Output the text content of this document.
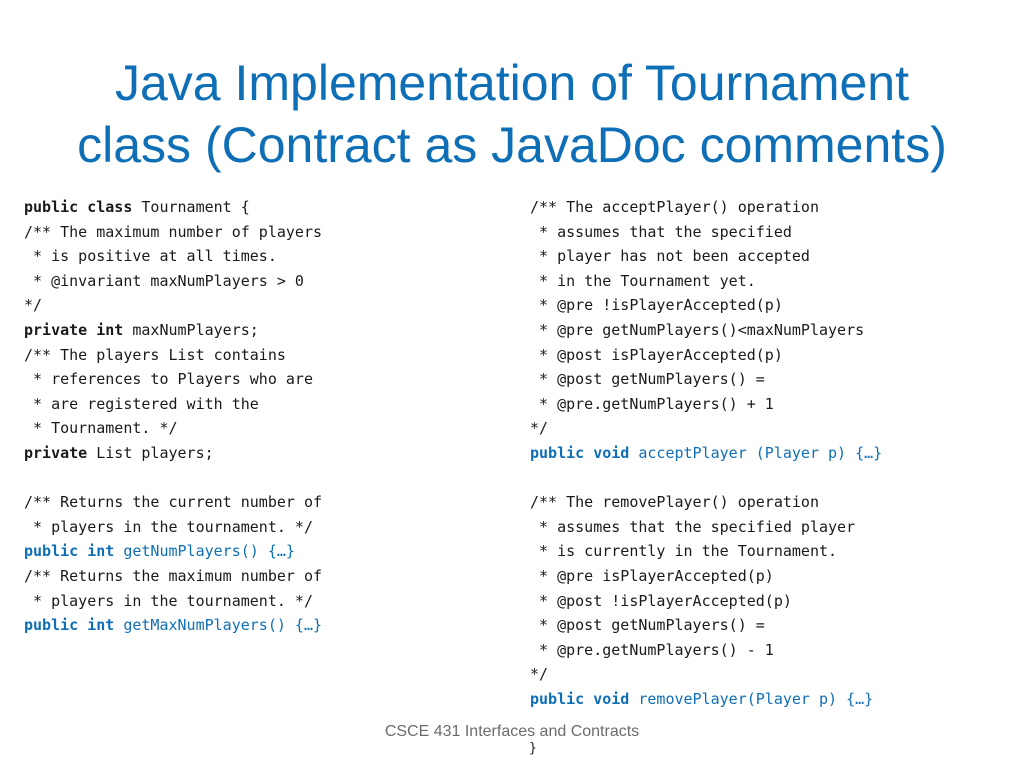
Java Implementation of Tournament
class (Contract as JavaDoc comments)
public class Tournament {
/** The maximum number of players
* is positive at all times.
* @invariant maxNumPlayers > 0
*/
private int maxNumPlayers;
/** The players List contains
* references to Players who are
* are registered with the
* Tournament. */
private List players;

/** Returns the current number of
* players in the tournament. */
public int getNumPlayers() {…}
/** Returns the maximum number of
* players in the tournament. */
public int getMaxNumPlayers() {…}
/** The acceptPlayer() operation
* assumes that the specified
* player has not been accepted
* in the Tournament yet.
* @pre !isPlayerAccepted(p)
* @pre getNumPlayers()<maxNumPlayers
* @post isPlayerAccepted(p)
* @post getNumPlayers() =
* @pre.getNumPlayers() + 1
*/
public void acceptPlayer (Player p) {…}

/** The removePlayer() operation
* assumes that the specified player
* is currently in the Tournament.
* @pre isPlayerAccepted(p)
* @post !isPlayerAccepted(p)
* @post getNumPlayers() =
* @pre.getNumPlayers() - 1
*/
public void removePlayer(Player p) {…}
CSCE 431 Interfaces and Contracts
}
